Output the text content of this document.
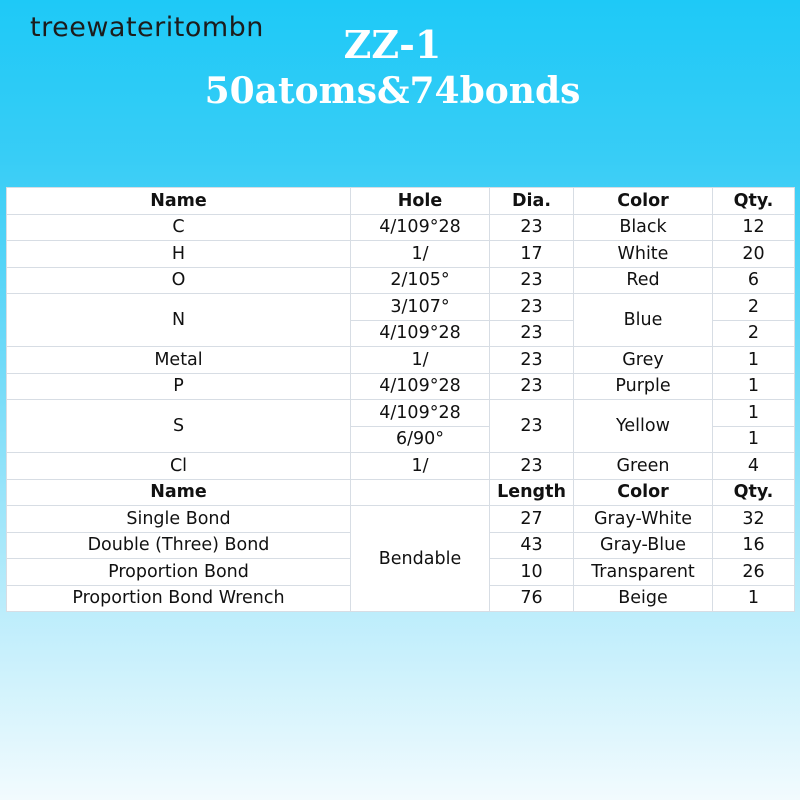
treewateritombn	ZZ-1
50atoms&74bonds
Name	Hole	Dia.	Color	Qty.
C	4/109°28	23	Black	12
H	1/	17	White	20
O	2/105°	23	Red	6
N	3/107°	23	Blue	2
	4/109°28	23		2
Metal	1/	23	Grey	1
P	4/109°28	23	Purple	1
S	4/109°28	23	Yellow	1
	6/90°			1
Cl	1/	23	Green	4
Name		Length	Color	Qty.
Single Bond	Bendable	27	Gray-White	32
Double (Three) Bond		43	Gray-Blue	16
Proportion Bond		10	Transparent	26
Proportion Bond Wrench		76	Beige	1
